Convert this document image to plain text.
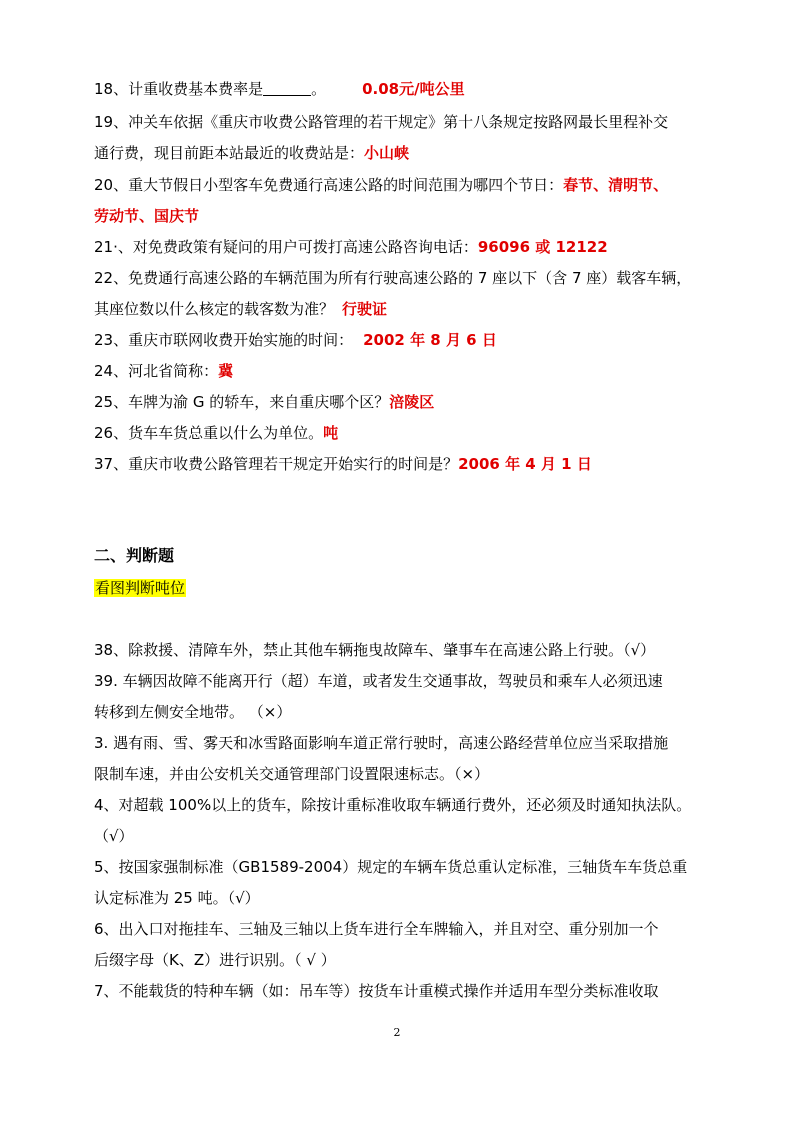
18、计重收费基本费率是	。 0.08元/吨公里
19、冲关车依据《重庆市收费公路管理的若干规定》第十八条规定按路网最长里程补交
通行费，现目前距本站最近的收费站是：小山峡
20、重大节假日小型客车免费通行高速公路的时间范围为哪四个节日：春节、清明节、
劳动节、国庆节
21·、对免费政策有疑问的用户可拨打高速公路咨询电话：96096 或 12122
22、免费通行高速公路的车辆范围为所有行驶高速公路的 7 座以下（含 7 座）载客车辆，
其座位数以什么核定的载客数为准？ 行驶证
23、重庆市联网收费开始实施的时间： 2002 年 8 月 6 日
24、河北省简称：冀
25、车牌为渝 G 的轿车，来自重庆哪个区？涪陵区
26、货车车货总重以什么为单位。吨
37、重庆市收费公路管理若干规定开始实行的时间是？2006 年 4 月 1 日
二、判断题
看图判断吨位
38、除救援、清障车外，禁止其他车辆拖曳故障车、肇事车在高速公路上行驶。（√）
39. 车辆因故障不能离开行（超）车道，或者发生交通事故，驾驶员和乘车人必须迅速
转移到左侧安全地带。 （×）
3. 遇有雨、雪、雾天和冰雪路面影响车道正常行驶时，高速公路经营单位应当采取措施
限制车速，并由公安机关交通管理部门设置限速标志。（×）
4、对超载 100%以上的货车，除按计重标准收取车辆通行费外，还必须及时通知执法队。
（√）
5、按国家强制标准（GB1589-2004）规定的车辆车货总重认定标准，三轴货车车货总重
认定标准为 25 吨。（√）
6、出入口对拖挂车、三轴及三轴以上货车进行全车牌输入，并且对空、重分别加一个
后缀字母（K、Z）进行识别。（ √ ）
7、不能载货的特种车辆（如：吊车等）按货车计重模式操作并适用车型分类标准收取
2
